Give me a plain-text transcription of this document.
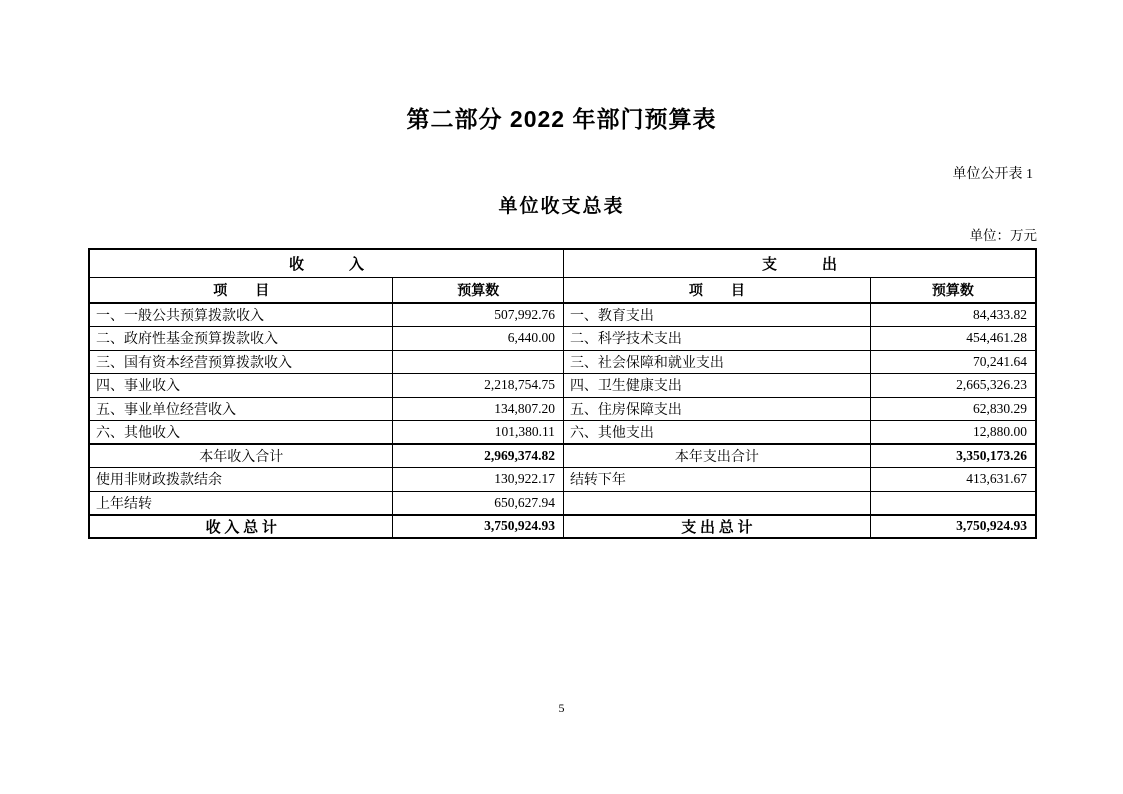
第二部分 2022 年部门预算表
单位公开表 1
单位收支总表
单位：万元
收　　　入		支　　　出	
项　　目	预算数	项　　目	预算数
一、一般公共预算拨款收入	507,992.76	一、教育支出	84,433.82
二、政府性基金预算拨款收入	6,440.00	二、科学技术支出	454,461.28
三、国有资本经营预算拨款收入		三、社会保障和就业支出	70,241.64
四、事业收入	2,218,754.75	四、卫生健康支出	2,665,326.23
五、事业单位经营收入	134,807.20	五、住房保障支出	62,830.29
六、其他收入	101,380.11	六、其他支出	12,880.00
本年收入合计	2,969,374.82	本年支出合计	3,350,173.26
使用非财政拨款结余	130,922.17	结转下年	413,631.67
上年结转	650,627.94		
收 入 总 计	3,750,924.93	支 出 总 计	3,750,924.93
5
